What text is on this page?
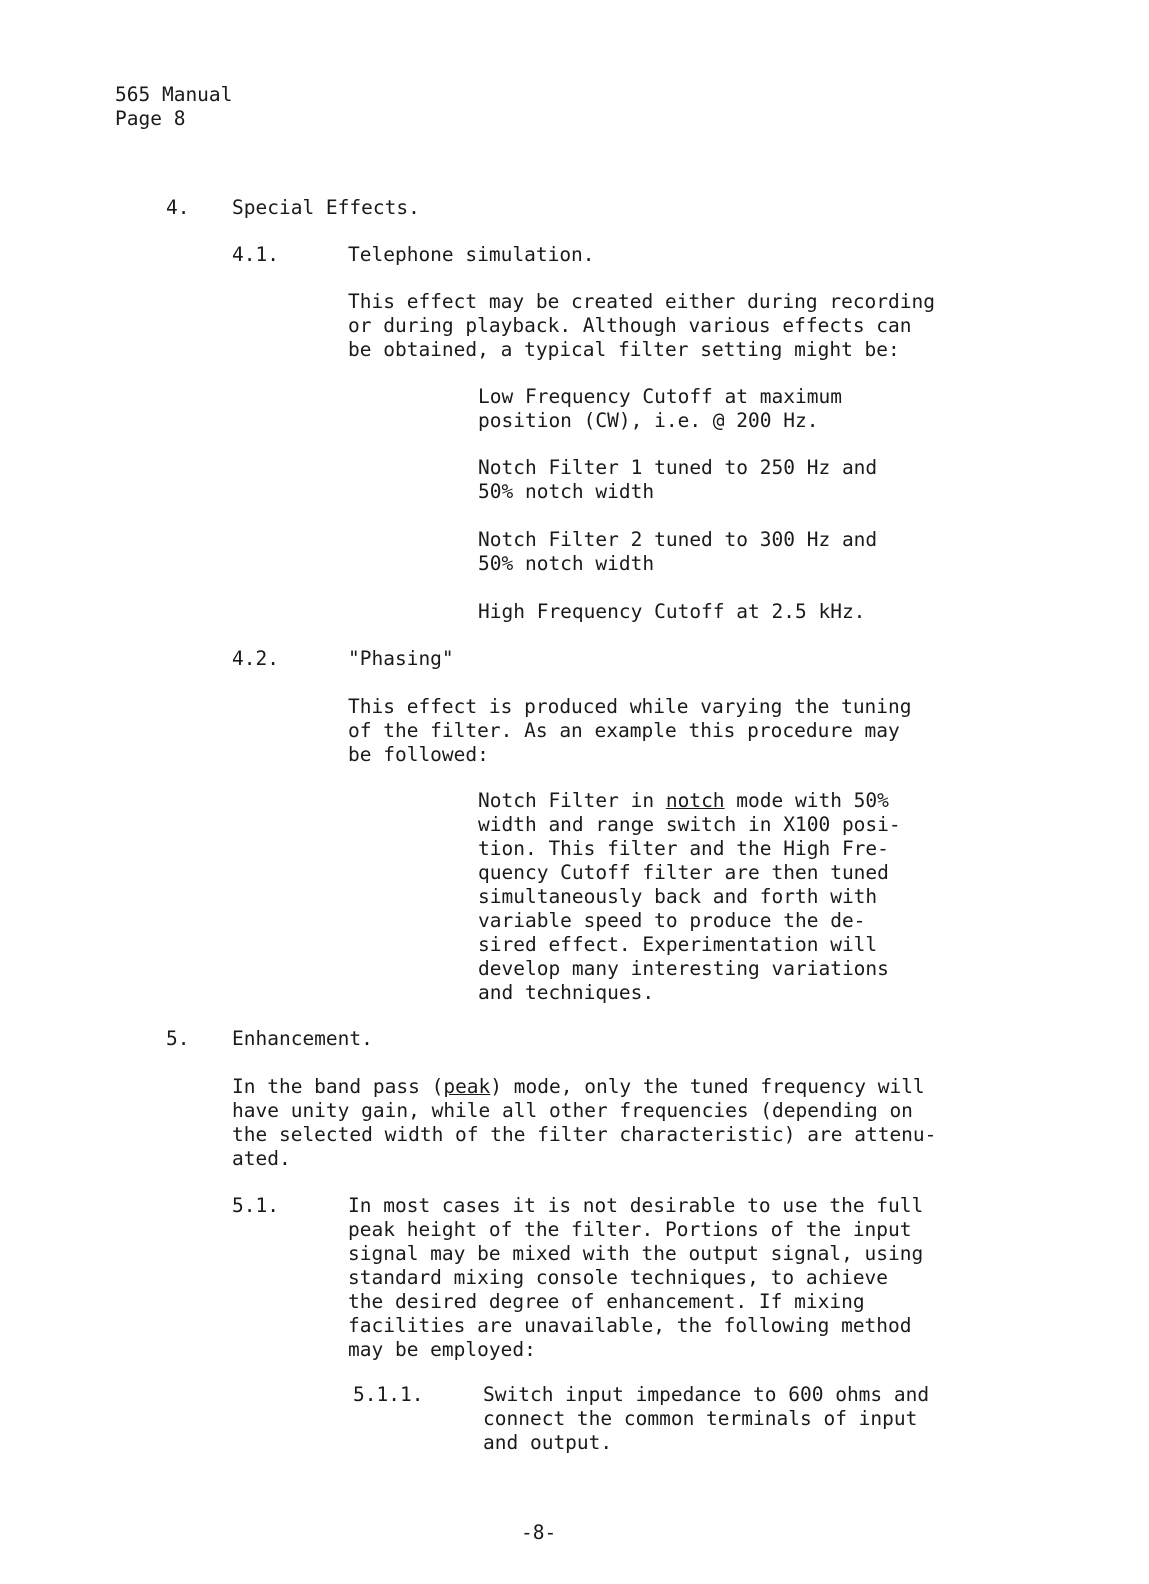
565 Manual
Page 8
4. Special Effects.
4.1.	Telephone simulation.
This effect may be created either during recording
or during playback. Although various effects can
be obtained, a typical filter setting might be:
Low Frequency Cutoff at maximum
position (CW), i.e. @ 200 Hz.
Notch Filter 1 tuned to 250 Hz and
50% notch width
Notch Filter 2 tuned to 300 Hz and
50% notch width
High Frequency Cutoff at 2.5 kHz.
4.2.	"Phasing"
This effect is produced while varying the tuning
of the filter. As an example this procedure may
be followed:
Notch Filter in notch mode with 50%
width and range switch in X100 posi-
tion. This filter and the High Fre-
quency Cutoff filter are then tuned
simultaneously back and forth with
variable speed to produce the de-
sired effect. Experimentation will
develop many interesting variations
and techniques.
5. Enhancement.
In the band pass (peak) mode, only the tuned frequency will
have unity gain, while all other frequencies (depending on
the selected width of the filter characteristic) are attenu-
ated.
5.1.	In most cases it is not desirable to use the full
peak height of the filter. Portions of the input
signal may be mixed with the output signal, using
standard mixing console techniques, to achieve
the desired degree of enhancement. If mixing
facilities are unavailable, the following method
may be employed:
5.1.1.	Switch input impedance to 600 ohms and
connect the common terminals of input
and output.
-8-
